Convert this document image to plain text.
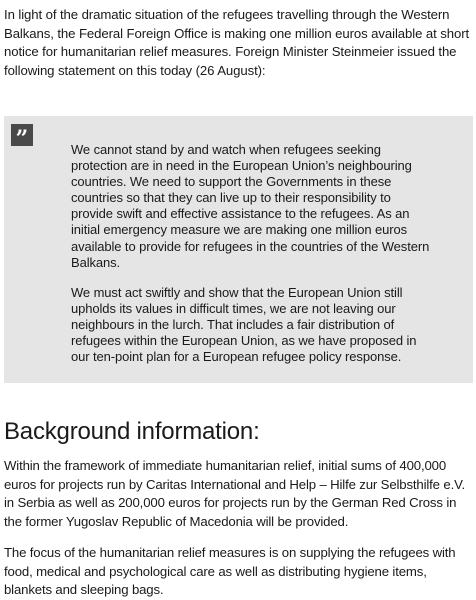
In light of the dramatic situation of the refugees travelling through the Western Balkans, the Federal Foreign Office is making one million euros available at short notice for humanitarian relief measures. Foreign Minister Steinmeier issued the following statement on this today (26 August):

”	We cannot stand by and watch when refugees seeking protection are in need in the European Union’s neighbouring countries. We need to support the Governments in these countries so that they can live up to their responsibility to provide swift and effective assistance to the refugees. As an initial emergency measure we are making one million euros available to provide for refugees in the countries of the Western Balkans.

We must act swiftly and show that the European Union still upholds its values in difficult times, we are not leaving our neighbours in the lurch. That includes a fair distribution of refugees within the European Union, as we have proposed in our ten-point plan for a European refugee policy response.

Background information:

Within the framework of immediate humanitarian relief, initial sums of 400,000 euros for projects run by Caritas International and Help – Hilfe zur Selbsthilfe e.V. in Serbia as well as 200,000 euros for projects run by the German Red Cross in the former Yugoslav Republic of Macedonia will be provided.

The focus of the humanitarian relief measures is on supplying the refugees with food, medical and psychological care as well as distributing hygiene items, blankets and sleeping bags.
